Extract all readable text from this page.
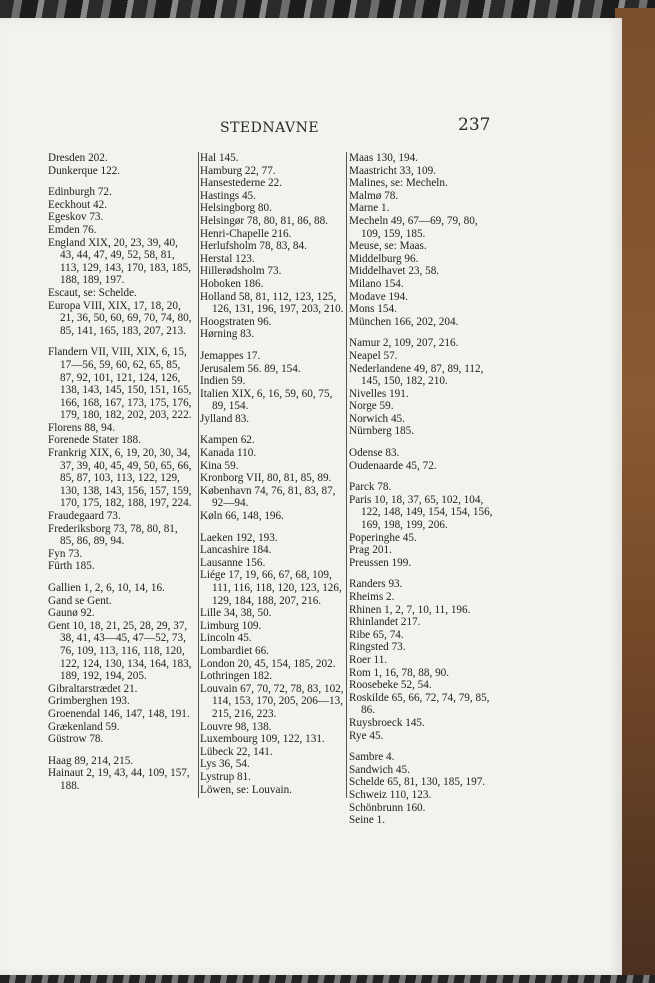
STEDNAVNE	237
Dresden 202.
Dunkerque 122.
Edinburgh 72.
Eeckhout 42.
Egeskov 73.
Emden 76.
England XIX, 20, 23, 39, 40, 43, 44, 47, 49, 52, 58, 81, 113, 129, 143, 170, 183, 185, 188, 189, 197.
Escaut, se: Schelde.
Europa VIII, XIX, 17, 18, 20, 21, 36, 50, 60, 69, 70, 74, 80, 85, 141, 165, 183, 207, 213.
Flandern VII, VIII, XIX, 6, 15, 17—56, 59, 60, 62, 65, 85, 87, 92, 101, 121, 124, 126, 138, 143, 145, 150, 151, 165, 166, 168, 167, 173, 175, 176, 179, 180, 182, 202, 203, 222.
Florens 88, 94.
Forenede Stater 188.
Frankrig XIX, 6, 19, 20, 30, 34, 37, 39, 40, 45, 49, 50, 65, 66, 85, 87, 103, 113, 122, 129, 130, 138, 143, 156, 157, 159, 170, 175, 182, 188, 197, 224.
Fraudegaard 73.
Frederiksborg 73, 78, 80, 81, 85, 86, 89, 94.
Fyn 73.
Fürth 185.
Gallien 1, 2, 6, 10, 14, 16.
Gand se Gent.
Gaunø 92.
Gent 10, 18, 21, 25, 28, 29, 37, 38, 41, 43—45, 47—52, 73, 76, 109, 113, 116, 118, 120, 122, 124, 130, 134, 164, 183, 189, 192, 194, 205.
Gibraltarstrædet 21.
Grimberghen 193.
Groenendal 146, 147, 148, 191.
Grækenland 59.
Güstrow 78.
Haag 89, 214, 215.
Hainaut 2, 19, 43, 44, 109, 157, 188.
Hal 145.
Hamburg 22, 77.
Hansestederne 22.
Hastings 45.
Helsingborg 80.
Helsingør 78, 80, 81, 86, 88.
Henri-Chapelle 216.
Herlufsholm 78, 83, 84.
Herstal 123.
Hillerødsholm 73.
Hoboken 186.
Holland 58, 81, 112, 123, 125, 126, 131, 196, 197, 203, 210.
Hoogstraten 96.
Hørning 83.
Jemappes 17.
Jerusalem 56. 89, 154.
Indien 59.
Italien XIX, 6, 16, 59, 60, 75, 89, 154.
Jylland 83.
Kampen 62.
Kanada 110.
Kina 59.
Kronborg VII, 80, 81, 85, 89.
København 74, 76, 81, 83, 87, 92—94.
Køln 66, 148, 196.
Laeken 192, 193.
Lancashire 184.
Lausanne 156.
Liége 17, 19, 66, 67, 68, 109, 111, 116, 118, 120, 123, 126, 129, 184, 188, 207, 216.
Lille 34, 38, 50.
Limburg 109.
Lincoln 45.
Lombardiet 66.
London 20, 45, 154, 185, 202.
Lothringen 182.
Louvain 67, 70, 72, 78, 83, 102, 114, 153, 170, 205, 206—13, 215, 216, 223.
Louvre 98, 138.
Luxembourg 109, 122, 131.
Lübeck 22, 141.
Lys 36, 54.
Lystrup 81.
Löwen, se: Louvain.
Maas 130, 194.
Maastricht 33, 109.
Malines, se: Mecheln.
Malmø 78.
Marne 1.
Mecheln 49, 67—69, 79, 80, 109, 159, 185.
Meuse, se: Maas.
Middelburg 96.
Middelhavet 23, 58.
Milano 154.
Modave 194.
Mons 154.
München 166, 202, 204.
Namur 2, 109, 207, 216.
Neapel 57.
Nederlandene 49, 87, 89, 112, 145, 150, 182, 210.
Nivelles 191.
Norge 59.
Norwich 45.
Nürnberg 185.
Odense 83.
Oudenaarde 45, 72.
Parck 78.
Paris 10, 18, 37, 65, 102, 104, 122, 148, 149, 154, 154, 156, 169, 198, 199, 206.
Poperinghe 45.
Prag 201.
Preussen 199.
Randers 93.
Rheims 2.
Rhinen 1, 2, 7, 10, 11, 196.
Rhinlandet 217.
Ribe 65, 74.
Ringsted 73.
Roer 11.
Rom 1, 16, 78, 88, 90.
Roosebeke 52, 54.
Roskilde 65, 66, 72, 74, 79, 85, 86.
Ruysbroeck 145.
Rye 45.
Sambre 4.
Sandwich 45.
Schelde 65, 81, 130, 185, 197.
Schweiz 110, 123.
Schönbrunn 160.
Seine 1.
